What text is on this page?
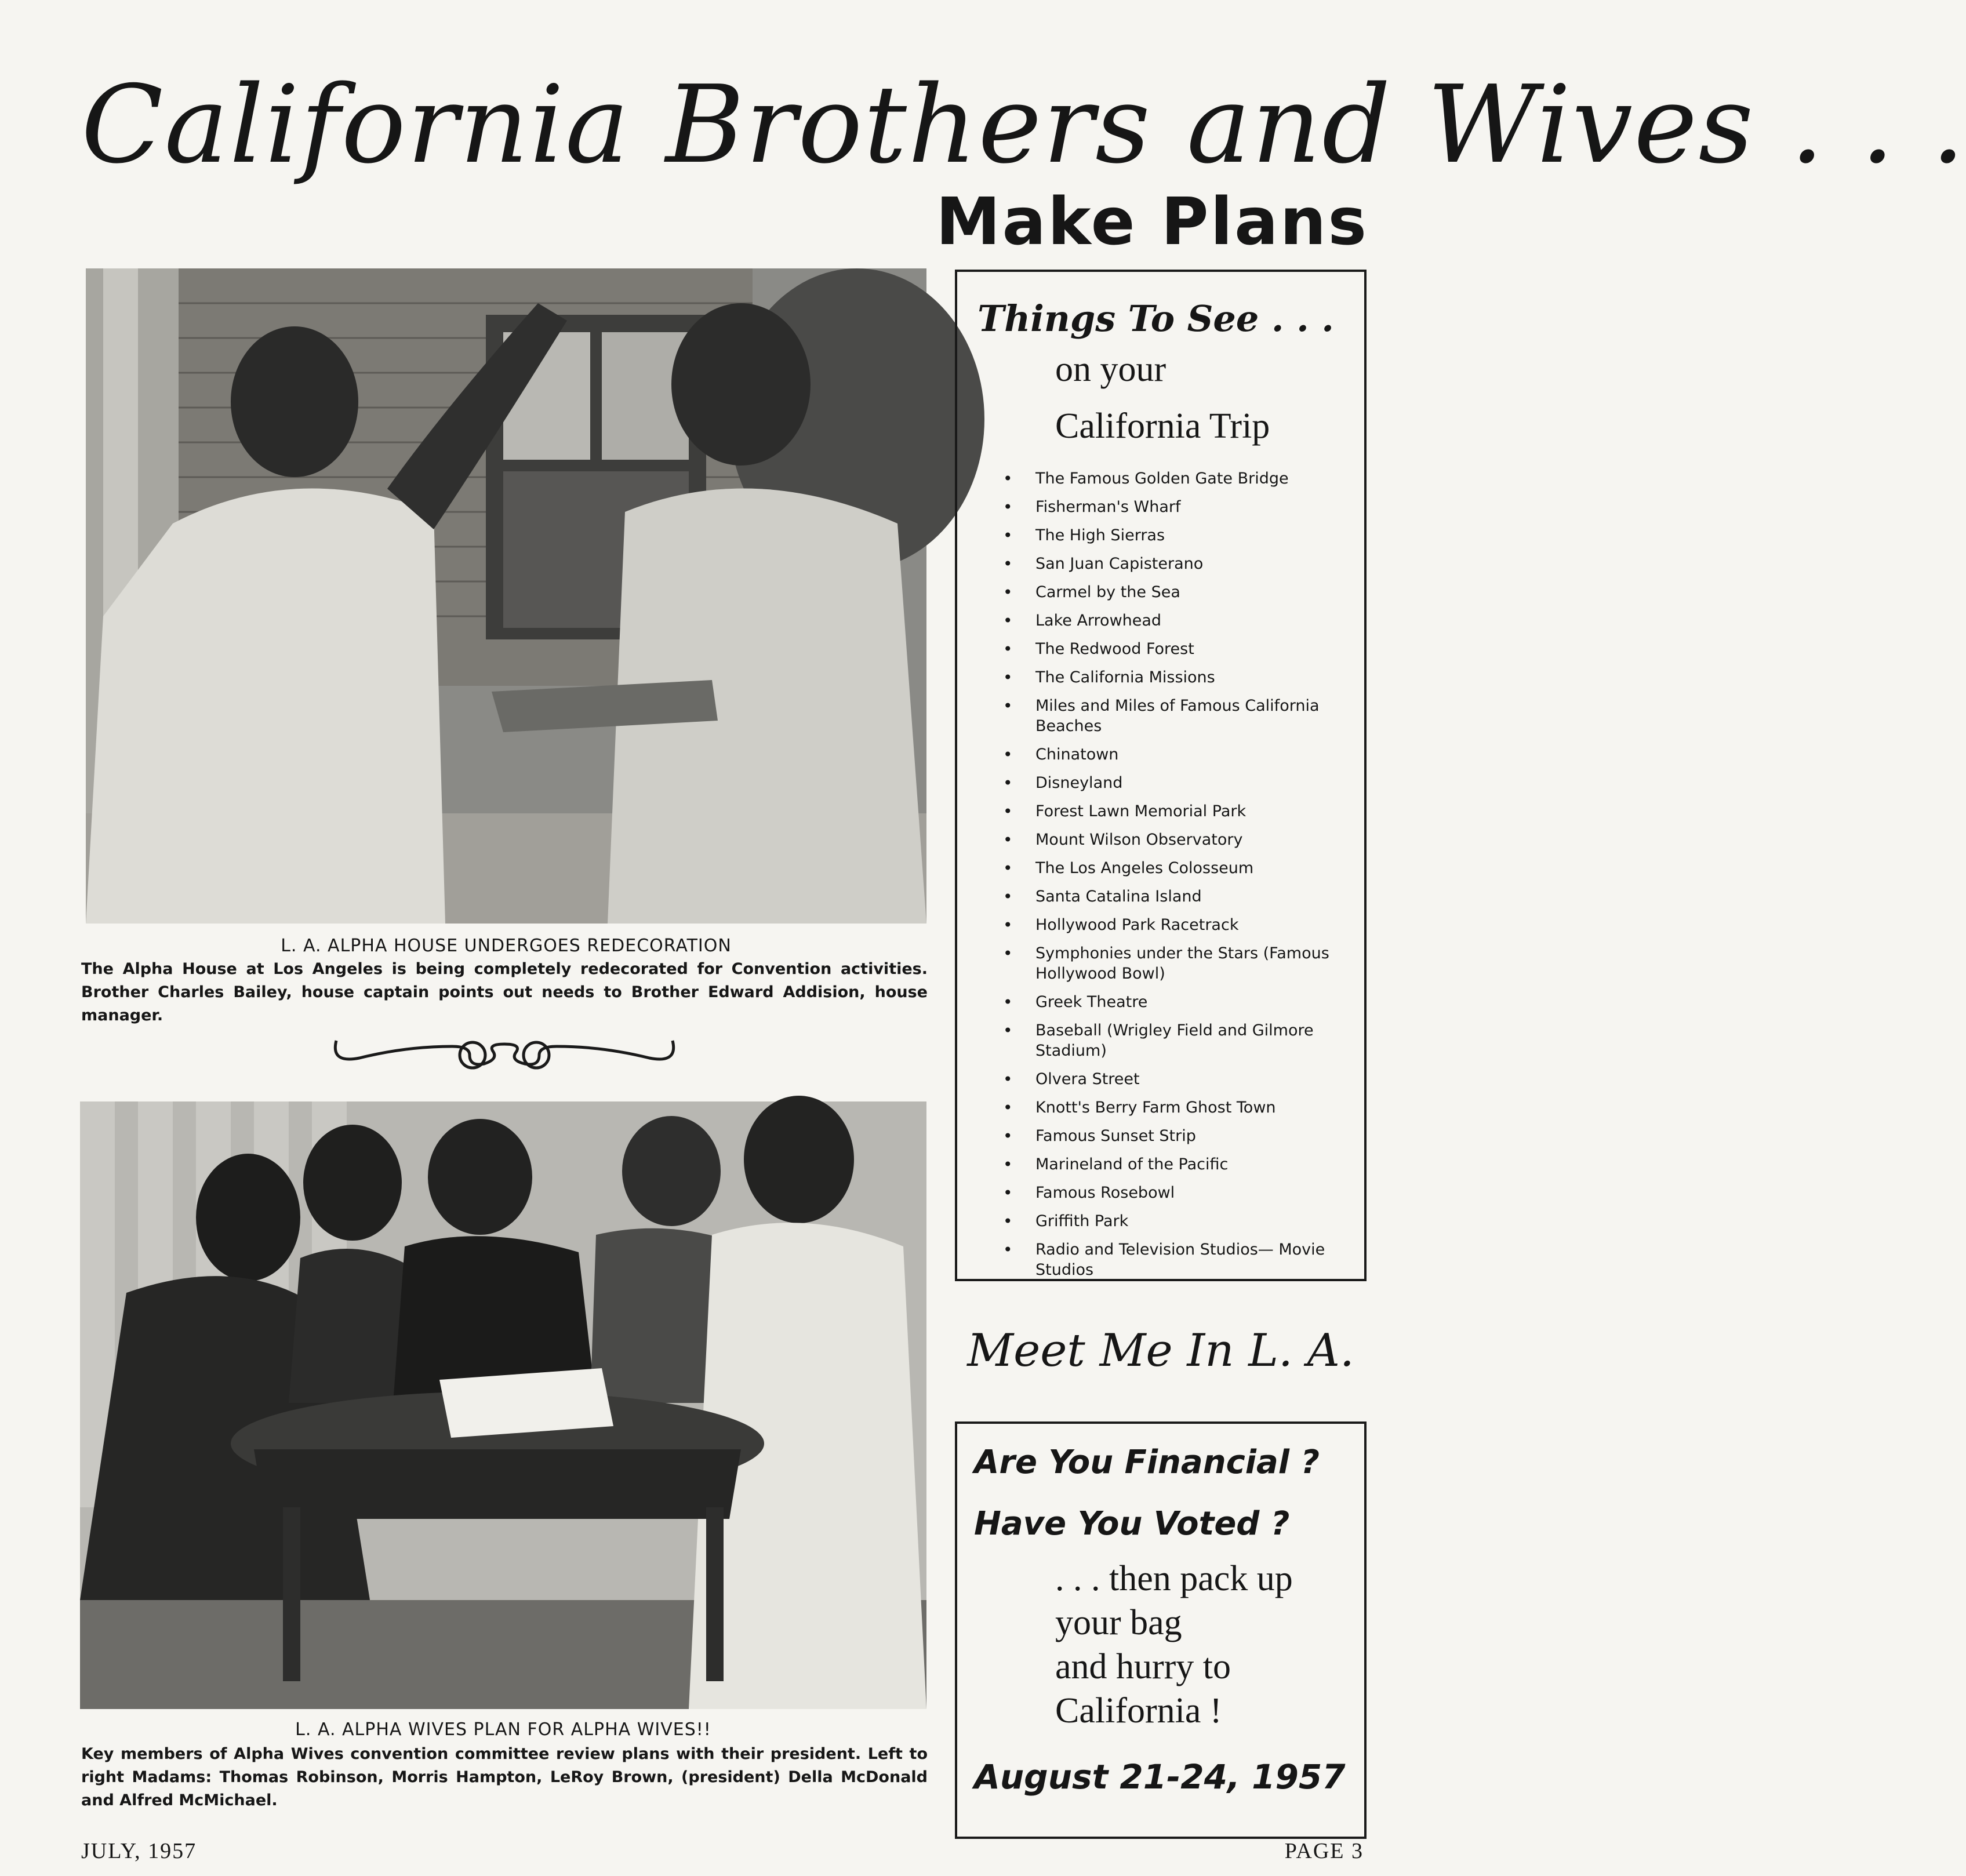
California Brothers and Wives . . .
Make Plans
L. A. ALPHA HOUSE UNDERGOES REDECORATION
The Alpha House at Los Angeles is being completely redecorated for Convention activities. Brother Charles Bailey, house captain points out needs to Brother Edward Addision, house manager.
L. A. ALPHA WIVES PLAN FOR ALPHA WIVES!!
Key members of Alpha Wives convention committee review plans with their president. Left to right Madams: Thomas Robinson, Morris Hampton, LeRoy Brown, (president) Della McDonald and Alfred McMichael.
Things To See . . .
on your
California Trip
• The Famous Golden Gate Bridge
• Fisherman's Wharf
• The High Sierras
• San Juan Capisterano
• Carmel by the Sea
• Lake Arrowhead
• The Redwood Forest
• The California Missions
• Miles and Miles of Famous California Beaches
• Chinatown
• Disneyland
• Forest Lawn Memorial Park
• Mount Wilson Observatory
• The Los Angeles Colosseum
• Santa Catalina Island
• Hollywood Park Racetrack
• Symphonies under the Stars (Famous Hollywood Bowl)
• Greek Theatre
• Baseball (Wrigley Field and Gilmore Stadium)
• Olvera Street
• Knott's Berry Farm Ghost Town
• Famous Sunset Strip
• Marineland of the Pacific
• Famous Rosebowl
• Griffith Park
• Radio and Television Studios— Movie Studios
Meet Me In L. A.
Are You Financial ?
Have You Voted ?
. . . then pack up
your bag
and hurry to
California !
August 21-24, 1957
JULY, 1957	PAGE 3
